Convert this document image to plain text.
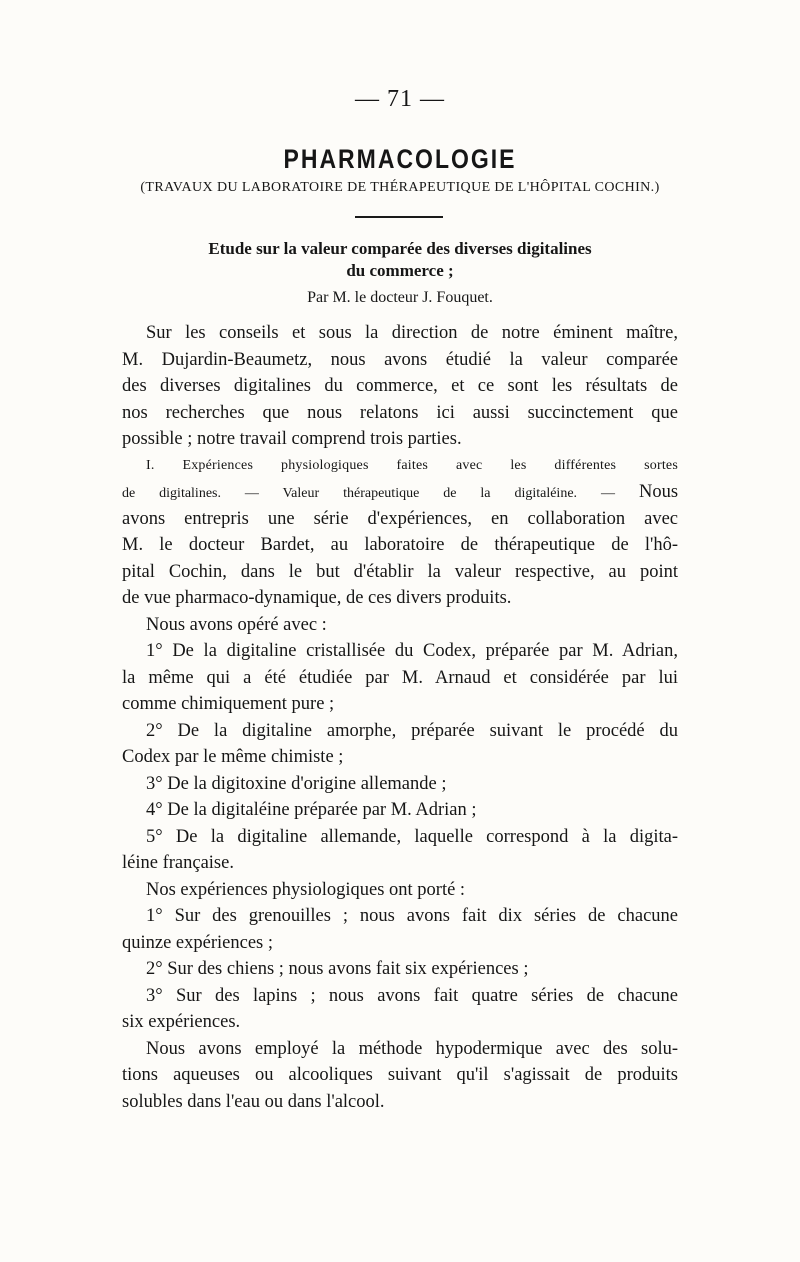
— 71 —
PHARMACOLOGIE
(TRAVAUX DU LABORATOIRE DE THÉRAPEUTIQUE DE L'HÔPITAL COCHIN.)
Etude sur la valeur comparée des diverses digitalines
du commerce ;
Par M. le docteur J. Fouquet.
Sur les conseils et sous la direction de notre éminent maître,
M. Dujardin-Beaumetz, nous avons étudié la valeur comparée
des diverses digitalines du commerce, et ce sont les résultats de
nos recherches que nous relatons ici aussi succinctement que
possible ; notre travail comprend trois parties.
I. Expériences physiologiques faites avec les différentes sortes
de digitalines. — Valeur thérapeutique de la digitaléine. — Nous
avons entrepris une série d'expériences, en collaboration avec
M. le docteur Bardet, au laboratoire de thérapeutique de l'hô-
pital Cochin, dans le but d'établir la valeur respective, au point
de vue pharmaco-dynamique, de ces divers produits.
Nous avons opéré avec :
1° De la digitaline cristallisée du Codex, préparée par M. Adrian,
la même qui a été étudiée par M. Arnaud et considérée par lui
comme chimiquement pure ;
2° De la digitaline amorphe, préparée suivant le procédé du
Codex par le même chimiste ;
3° De la digitoxine d'origine allemande ;
4° De la digitaléine préparée par M. Adrian ;
5° De la digitaline allemande, laquelle correspond à la digita-
léine française.
Nos expériences physiologiques ont porté :
1° Sur des grenouilles ; nous avons fait dix séries de chacune
quinze expériences ;
2° Sur des chiens ; nous avons fait six expériences ;
3° Sur des lapins ; nous avons fait quatre séries de chacune
six expériences.
Nous avons employé la méthode hypodermique avec des solu-
tions aqueuses ou alcooliques suivant qu'il s'agissait de produits
solubles dans l'eau ou dans l'alcool.
